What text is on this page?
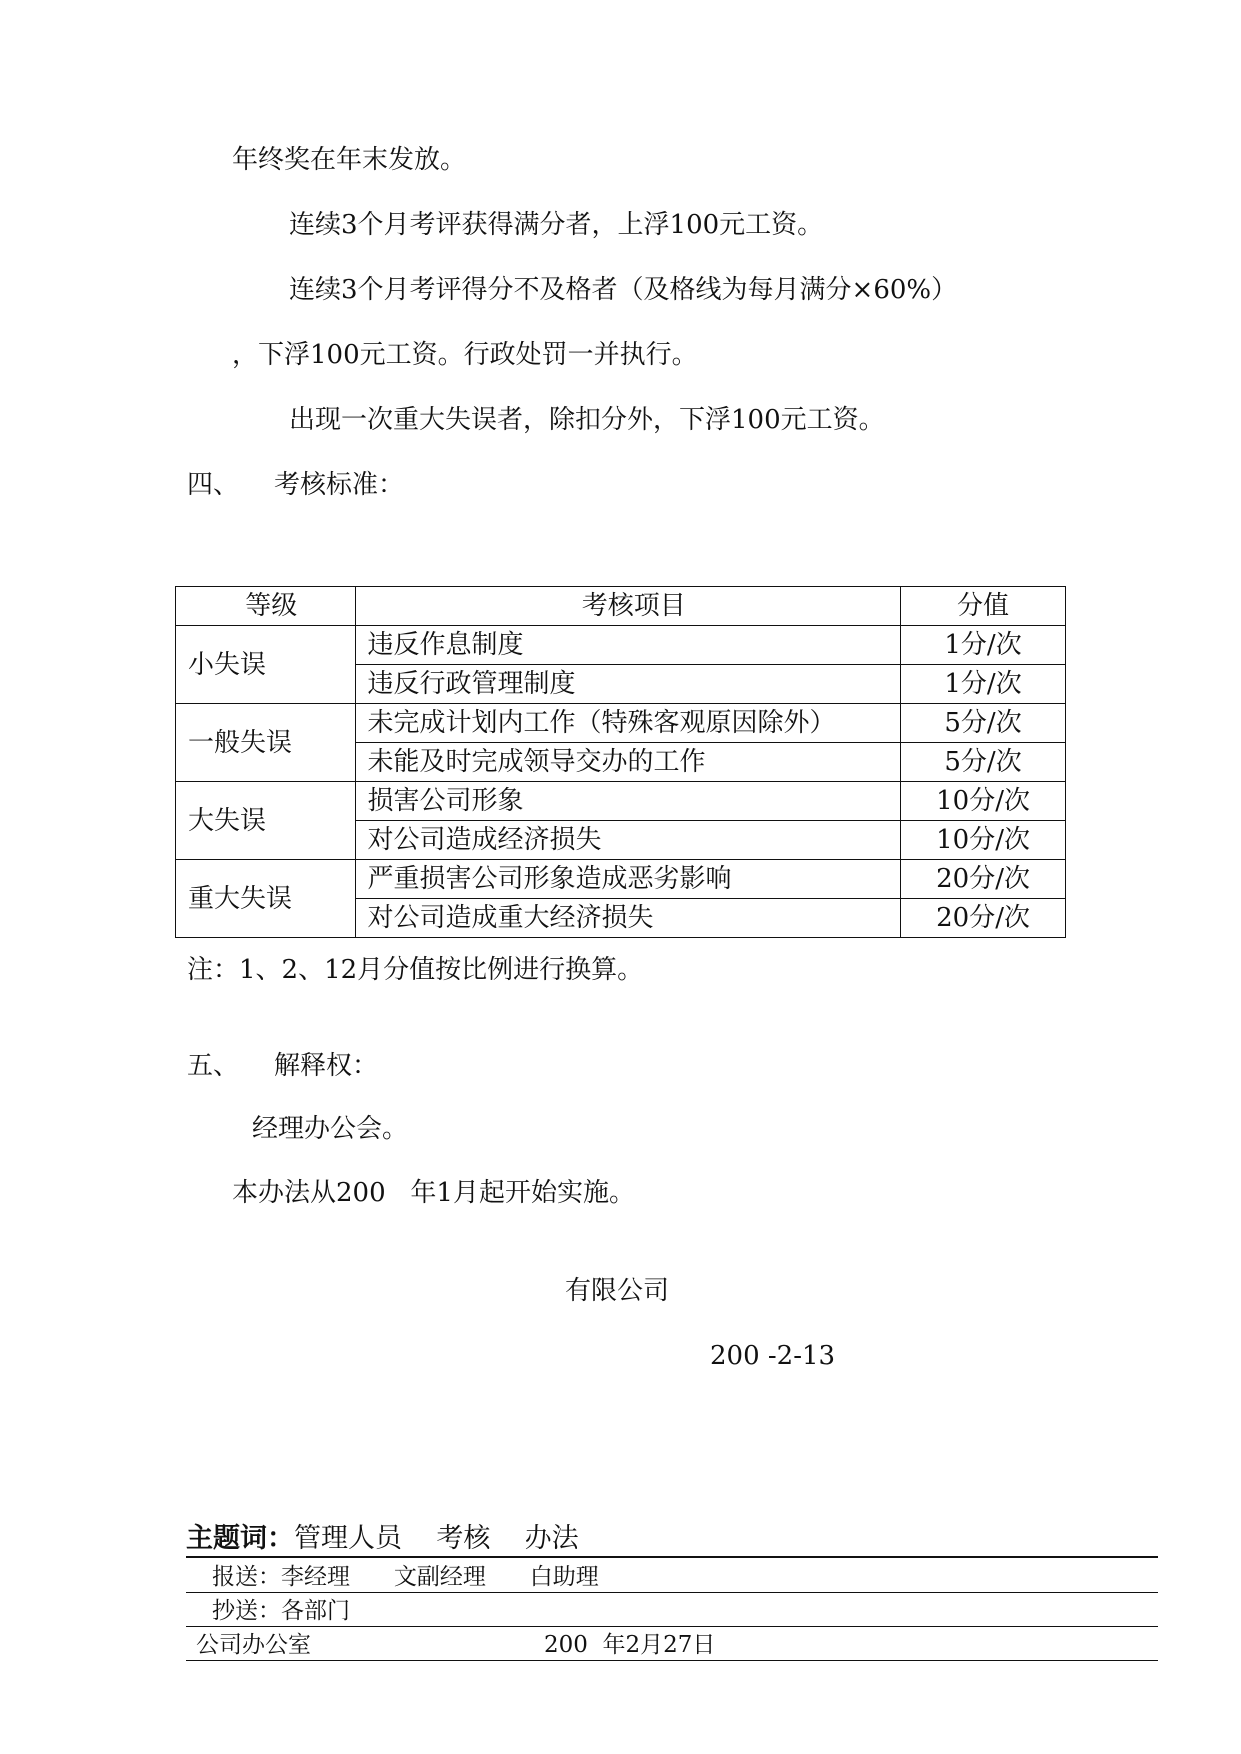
年终奖在年末发放。
连续3个月考评获得满分者，上浮100元工资。
连续3个月考评得分不及格者（及格线为每月满分×60%）
，下浮100元工资。行政处罚一并执行。
出现一次重大失误者，除扣分外，下浮100元工资。
四、 考核标准：
等级	考核项目	分值
小失误	违反作息制度	1分/次
	违反行政管理制度	1分/次
一般失误	未完成计划内工作（特殊客观原因除外）	5分/次
	未能及时完成领导交办的工作	5分/次
大失误	损害公司形象	10分/次
	对公司造成经济损失	10分/次
重大失误	严重损害公司形象造成恶劣影响	20分/次
	对公司造成重大经济损失	20分/次
注：1、2、12月分值按比例进行换算。
五、 解释权：
经理办公会。
本办法从200   年1月起开始实施。
有限公司
200 -2-13
主题词：管理人员    考核    办法
报送：李经理      文副经理      白助理
抄送：各部门
公司办公室	200  年2月27日
